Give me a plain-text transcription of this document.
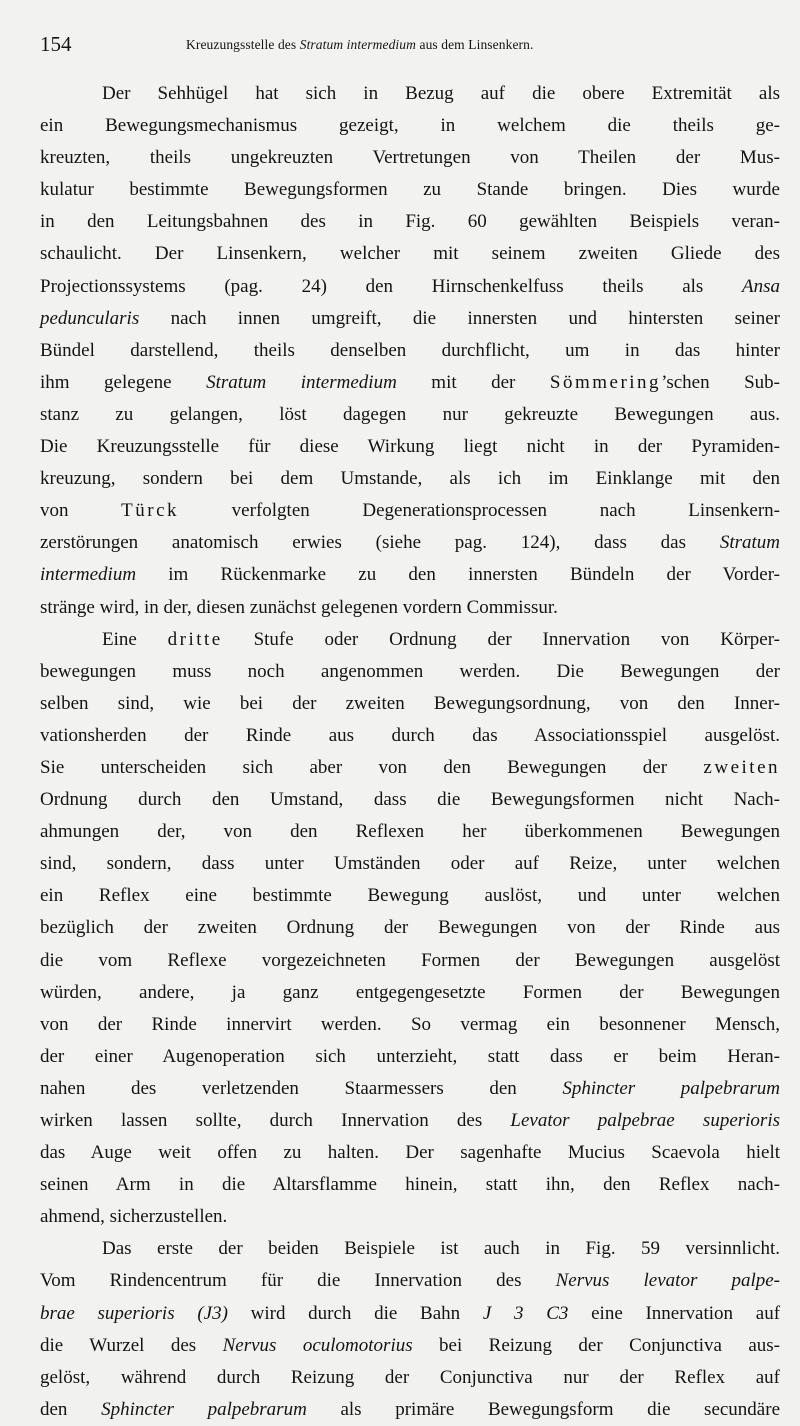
154	Kreuzungsstelle des Stratum intermedium aus dem Linsenkern.
Der Sehhügel hat sich in Bezug auf die obere Extremität als
ein Bewegungsmechanismus gezeigt, in welchem die theils ge-
kreuzten, theils ungekreuzten Vertretungen von Theilen der Mus-
kulatur bestimmte Bewegungsformen zu Stande bringen. Dies wurde
in den Leitungsbahnen des in Fig. 60 gewählten Beispiels veran-
schaulicht. Der Linsenkern, welcher mit seinem zweiten Gliede des
Projectionssystems (pag. 24) den Hirnschenkelfuss theils als Ansa
peduncularis nach innen umgreift, die innersten und hintersten seiner
Bündel darstellend, theils denselben durchflicht, um in das hinter
ihm gelegene Stratum intermedium mit der Sömmering’schen Sub-
stanz zu gelangen, löst dagegen nur gekreuzte Bewegungen aus.
Die Kreuzungsstelle für diese Wirkung liegt nicht in der Pyramiden-
kreuzung, sondern bei dem Umstande, als ich im Einklange mit den
von Türck verfolgten Degenerationsprocessen nach Linsenkern-
zerstörungen anatomisch erwies (siehe pag. 124), dass das Stratum
intermedium im Rückenmarke zu den innersten Bündeln der Vorder-
stränge wird, in der, diesen zunächst gelegenen vordern Commissur.
Eine dritte Stufe oder Ordnung der Innervation von Körper-
bewegungen muss noch angenommen werden. Die Bewegungen der
selben sind, wie bei der zweiten Bewegungsordnung, von den Inner-
vationsherden der Rinde aus durch das Associationsspiel ausgelöst.
Sie unterscheiden sich aber von den Bewegungen der zweiten
Ordnung durch den Umstand, dass die Bewegungsformen nicht Nach-
ahmungen der, von den Reflexen her überkommenen Bewegungen
sind, sondern, dass unter Umständen oder auf Reize, unter welchen
ein Reflex eine bestimmte Bewegung auslöst, und unter welchen
bezüglich der zweiten Ordnung der Bewegungen von der Rinde aus
die vom Reflexe vorgezeichneten Formen der Bewegungen ausgelöst
würden, andere, ja ganz entgegengesetzte Formen der Bewegungen
von der Rinde innervirt werden. So vermag ein besonnener Mensch,
der einer Augenoperation sich unterzieht, statt dass er beim Heran-
nahen des verletzenden Staarmessers den Sphincter palpebrarum
wirken lassen sollte, durch Innervation des Levator palpebrae superioris
das Auge weit offen zu halten. Der sagenhafte Mucius Scaevola hielt
seinen Arm in die Altarsflamme hinein, statt ihn, den Reflex nach-
ahmend, sicherzustellen.
Das erste der beiden Beispiele ist auch in Fig. 59 versinnlicht.
Vom Rindencentrum für die Innervation des Nervus levator palpe-
brae superioris (J3) wird durch die Bahn J 3 C3 eine Innervation auf
die Wurzel des Nervus oculomotorius bei Reizung der Conjunctiva aus-
gelöst, während durch Reizung der Conjunctiva nur der Reflex auf
den Sphincter palpebrarum als primäre Bewegungsform die secundäre
